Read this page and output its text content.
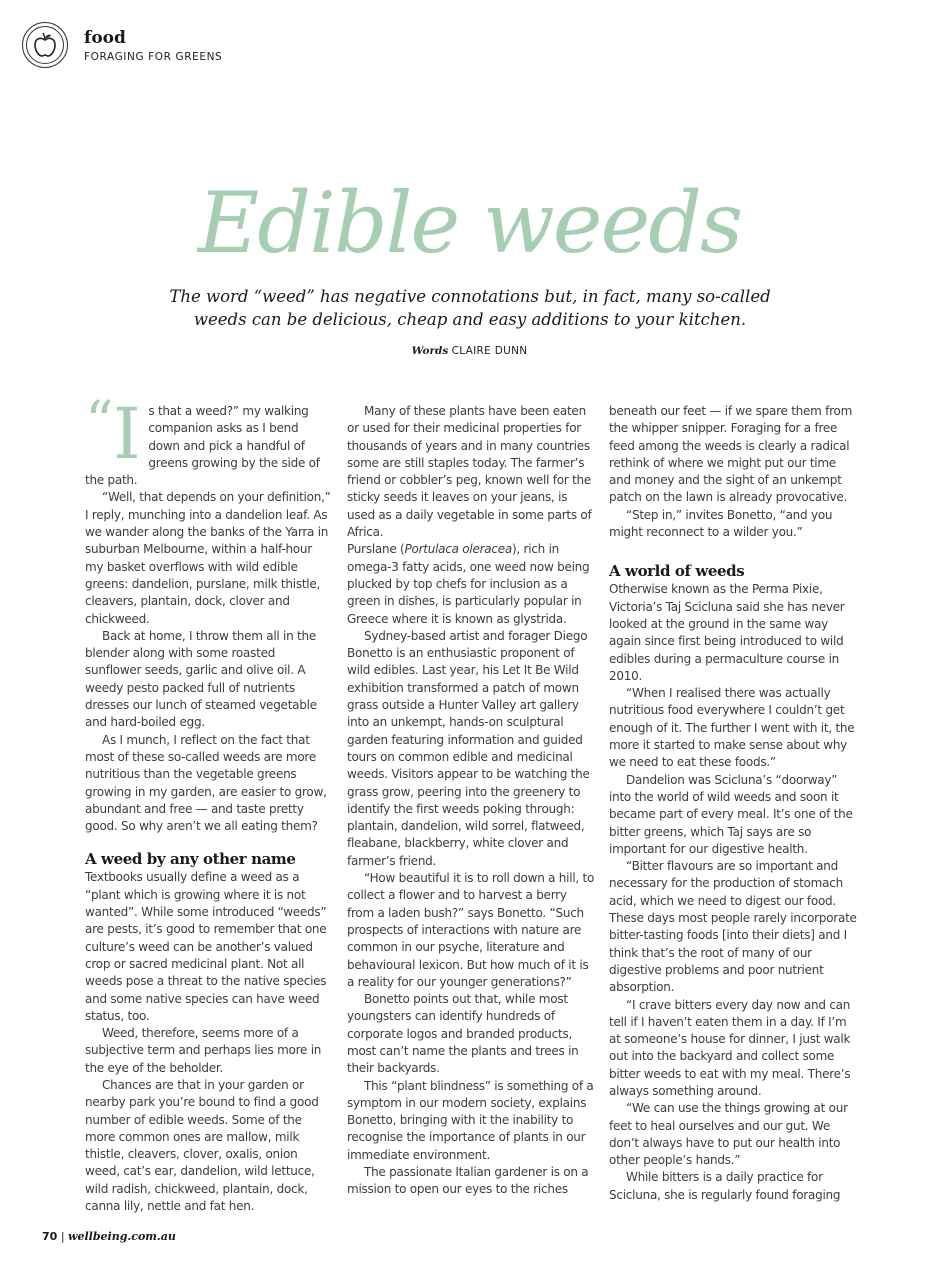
food
FORAGING FOR GREENS
Edible weeds
The word “weed” has negative connotations but, in fact, many so-called weeds can be delicious, cheap and easy additions to your kitchen.
Words CLAIRE DUNN
“ I s that a weed?” my walking companion asks as I bend down and pick a handful of greens growing by the side of the path.

“Well, that depends on your definition,” I reply, munching into a dandelion leaf. As we wander along the banks of the Yarra in suburban Melbourne, within a half-hour my basket overflows with wild edible greens: dandelion, purslane, milk thistle, cleavers, plantain, dock, clover and chickweed.

Back at home, I throw them all in the blender along with some roasted sunflower seeds, garlic and olive oil. A weedy pesto packed full of nutrients dresses our lunch of steamed vegetable and hard-boiled egg.

As I munch, I reflect on the fact that most of these so-called weeds are more nutritious than the vegetable greens growing in my garden, are easier to grow, abundant and free — and taste pretty good. So why aren’t we all eating them?

A weed by any other name

Textbooks usually define a weed as a “plant which is growing where it is not wanted”. While some introduced “weeds” are pests, it’s good to remember that one culture’s weed can be another’s valued crop or sacred medicinal plant. Not all weeds pose a threat to the native species and some native species can have weed status, too.

Weed, therefore, seems more of a subjective term and perhaps lies more in the eye of the beholder.

Chances are that in your garden or nearby park you’re bound to find a good number of edible weeds. Some of the more common ones are mallow, milk thistle, cleavers, clover, oxalis, onion weed, cat’s ear, dandelion, wild lettuce, wild radish, chickweed, plantain, dock, canna lily, nettle and fat hen.

Many of these plants have been eaten or used for their medicinal properties for thousands of years and in many countries some are still staples today. The farmer’s friend or cobbler’s peg, known well for the sticky seeds it leaves on your jeans, is used as a daily vegetable in some parts of Africa.

Purslane (Portulaca oleracea), rich in omega-3 fatty acids, one weed now being plucked by top chefs for inclusion as a green in dishes, is particularly popular in Greece where it is known as glystrida.

Sydney-based artist and forager Diego Bonetto is an enthusiastic proponent of wild edibles. Last year, his Let It Be Wild exhibition transformed a patch of mown grass outside a Hunter Valley art gallery into an unkempt, hands-on sculptural garden featuring information and guided tours on common edible and medicinal weeds. Visitors appear to be watching the grass grow, peering into the greenery to identify the first weeds poking through: plantain, dandelion, wild sorrel, flatweed, fleabane, blackberry, white clover and farmer’s friend.

“How beautiful it is to roll down a hill, to collect a flower and to harvest a berry from a laden bush?” says Bonetto. “Such prospects of interactions with nature are common in our psyche, literature and behavioural lexicon. But how much of it is a reality for our younger generations?”

Bonetto points out that, while most youngsters can identify hundreds of corporate logos and branded products, most can’t name the plants and trees in their backyards.

This “plant blindness” is something of a symptom in our modern society, explains Bonetto, bringing with it the inability to recognise the importance of plants in our immediate environment.

The passionate Italian gardener is on a mission to open our eyes to the riches

beneath our feet — if we spare them from the whipper snipper. Foraging for a free feed among the weeds is clearly a radical rethink of where we might put our time and money and the sight of an unkempt patch on the lawn is already provocative.

“Step in,” invites Bonetto, “and you might reconnect to a wilder you.”

A world of weeds

Otherwise known as the Perma Pixie, Victoria’s Taj Scicluna said she has never looked at the ground in the same way again since first being introduced to wild edibles during a permaculture course in 2010.

“When I realised there was actually nutritious food everywhere I couldn’t get enough of it. The further I went with it, the more it started to make sense about why we need to eat these foods.”

Dandelion was Scicluna’s “doorway” into the world of wild weeds and soon it became part of every meal. It’s one of the bitter greens, which Taj says are so important for our digestive health.

“Bitter flavours are so important and necessary for the production of stomach acid, which we need to digest our food. These days most people rarely incorporate bitter-tasting foods [into their diets] and I think that’s the root of many of our digestive problems and poor nutrient absorption.

“I crave bitters every day now and can tell if I haven’t eaten them in a day. If I’m at someone’s house for dinner, I just walk out into the backyard and collect some bitter weeds to eat with my meal. There’s always something around.

“We can use the things growing at our feet to heal ourselves and our gut. We don’t always have to put our health into other people’s hands.”

While bitters is a daily practice for Scicluna, she is regularly found foraging

70 | wellbeing.com.au
